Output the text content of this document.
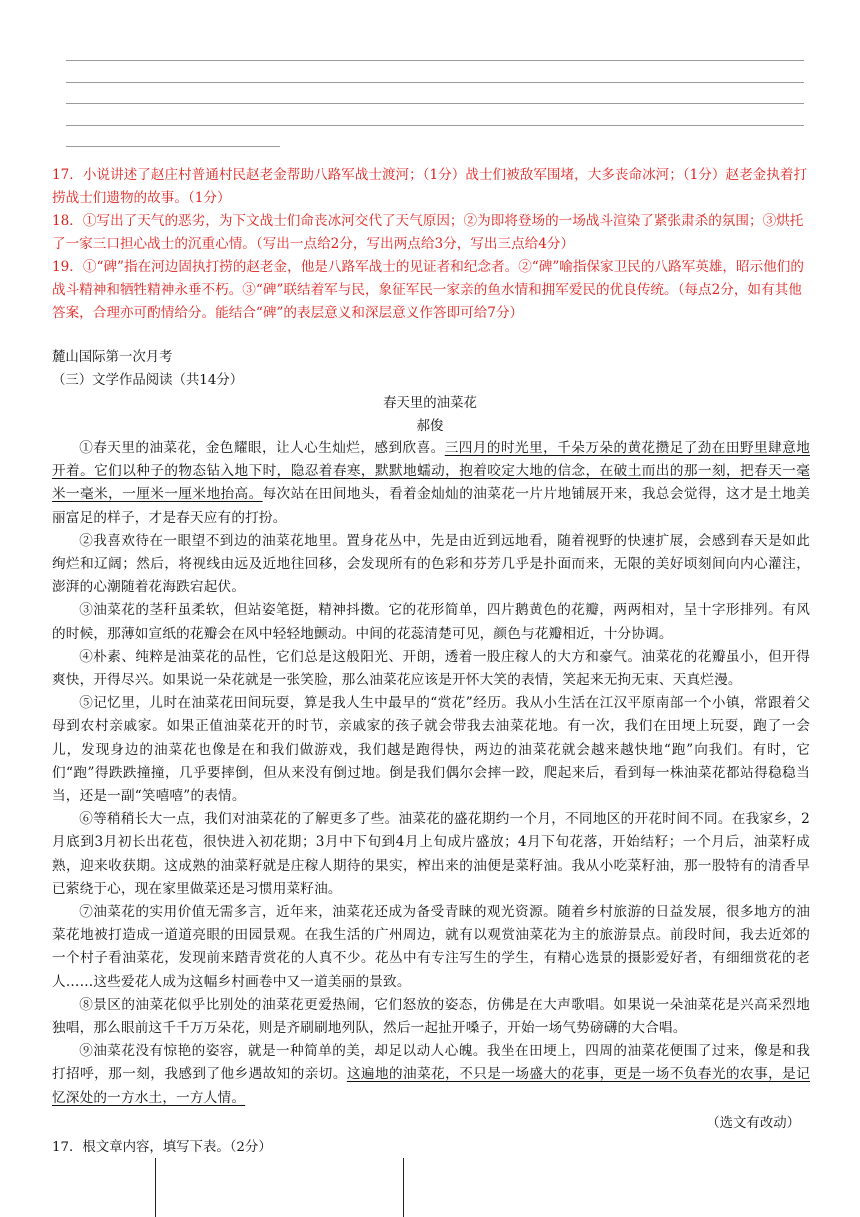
17．小说讲述了赵庄村普通村民赵老金帮助八路军战士渡河；（1分）战士们被敌军围堵，大多丧命冰河；（1分）赵老金执着打捞战士们遗物的故事。（1分）

18．①写出了天气的恶劣，为下文战士们命丧冰河交代了天气原因；②为即将登场的一场战斗渲染了紧张肃杀的氛围；③烘托了一家三口担心战士的沉重心情。（写出一点给2分，写出两点给3分，写出三点给4分）

19．①“碑”指在河边固执打捞的赵老金，他是八路军战士的见证者和纪念者。②“碑”喻指保家卫民的八路军英雄，昭示他们的战斗精神和牺牲精神永垂不朽。③“碑”联结着军与民，象征军民一家亲的鱼水情和拥军爱民的优良传统。（每点2分，如有其他答案，合理亦可酌情给分。能结合“碑”的表层意义和深层意义作答即可给7分）

麓山国际第一次月考
（三）文学作品阅读（共14分）
春天里的油菜花
郝俊

①春天里的油菜花，金色耀眼，让人心生灿烂，感到欣喜。三四月的时光里，千朵万朵的黄花攒足了劲在田野里肆意地开着。它们以种子的物态钻入地下时，隐忍着春寒，默默地蠕动，抱着咬定大地的信念，在破土而出的那一刻，把春天一毫米一毫米，一厘米一厘米地抬高。每次站在田间地头，看着金灿灿的油菜花一片片地铺展开来，我总会觉得，这才是土地美丽富足的样子，才是春天应有的打扮。

②我喜欢待在一眼望不到边的油菜花地里。置身花丛中，先是由近到远地看，随着视野的快速扩展，会感到春天是如此绚烂和辽阔；然后，将视线由远及近地往回移，会发现所有的色彩和芬芳几乎是扑面而来，无限的美好顷刻间向内心灌注，澎湃的心潮随着花海跌宕起伏。

③油菜花的茎秆虽柔软，但站姿笔挺，精神抖擞。它的花形简单，四片鹅黄色的花瓣，两两相对，呈十字形排列。有风的时候，那薄如宣纸的花瓣会在风中轻轻地颤动。中间的花蕊清楚可见，颜色与花瓣相近，十分协调。

④朴素、纯粹是油菜花的品性，它们总是这般阳光、开朗，透着一股庄稼人的大方和豪气。油菜花的花瓣虽小，但开得爽快，开得尽兴。如果说一朵花就是一张笑脸，那么油菜花应该是开怀大笑的表情，笑起来无拘无束、天真烂漫。

⑤记忆里，儿时在油菜花田间玩耍，算是我人生中最早的“赏花”经历。我从小生活在江汉平原南部一个小镇，常跟着父母到农村亲戚家。如果正值油菜花开的时节，亲戚家的孩子就会带我去油菜花地。有一次，我们在田埂上玩耍，跑了一会儿，发现身边的油菜花也像是在和我们做游戏，我们越是跑得快，两边的油菜花就会越来越快地“跑”向我们。有时，它们“跑”得跌跌撞撞，几乎要摔倒，但从来没有倒过地。倒是我们偶尔会摔一跤，爬起来后，看到每一株油菜花都站得稳稳当当，还是一副“笑嘻嘻”的表情。

⑥等稍稍长大一点，我们对油菜花的了解更多了些。油菜花的盛花期约一个月，不同地区的开花时间不同。在我家乡，2月底到3月初长出花苞，很快进入初花期；3月中下旬到4月上旬成片盛放；4月下旬花落，开始结籽；一个月后，油菜籽成熟，迎来收获期。这成熟的油菜籽就是庄稼人期待的果实，榨出来的油便是菜籽油。我从小吃菜籽油，那一股特有的清香早已萦绕于心，现在家里做菜还是习惯用菜籽油。

⑦油菜花的实用价值无需多言，近年来，油菜花还成为备受青睐的观光资源。随着乡村旅游的日益发展，很多地方的油菜花地被打造成一道道亮眼的田园景观。在我生活的广州周边，就有以观赏油菜花为主的旅游景点。前段时间，我去近郊的一个村子看油菜花，发现前来踏青赏花的人真不少。花丛中有专注写生的学生，有精心选景的摄影爱好者，有细细赏花的老人……这些爱花人成为这幅乡村画卷中又一道美丽的景致。

⑧景区的油菜花似乎比别处的油菜花更爱热闹，它们怒放的姿态，仿佛是在大声歌唱。如果说一朵油菜花是兴高采烈地独唱，那么眼前这千千万万朵花，则是齐刷刷地列队，然后一起扯开嗓子，开始一场气势磅礴的大合唱。

⑨油菜花没有惊艳的姿容，就是一种简单的美，却足以动人心魄。我坐在田埂上，四周的油菜花便围了过来，像是和我打招呼，那一刻，我感到了他乡遇故知的亲切。这遍地的油菜花，不只是一场盛大的花事，更是一场不负春光的农事，是记忆深处的一方水土，一方人情。

（选文有改动）
17．根文章内容，填写下表。（2分）
